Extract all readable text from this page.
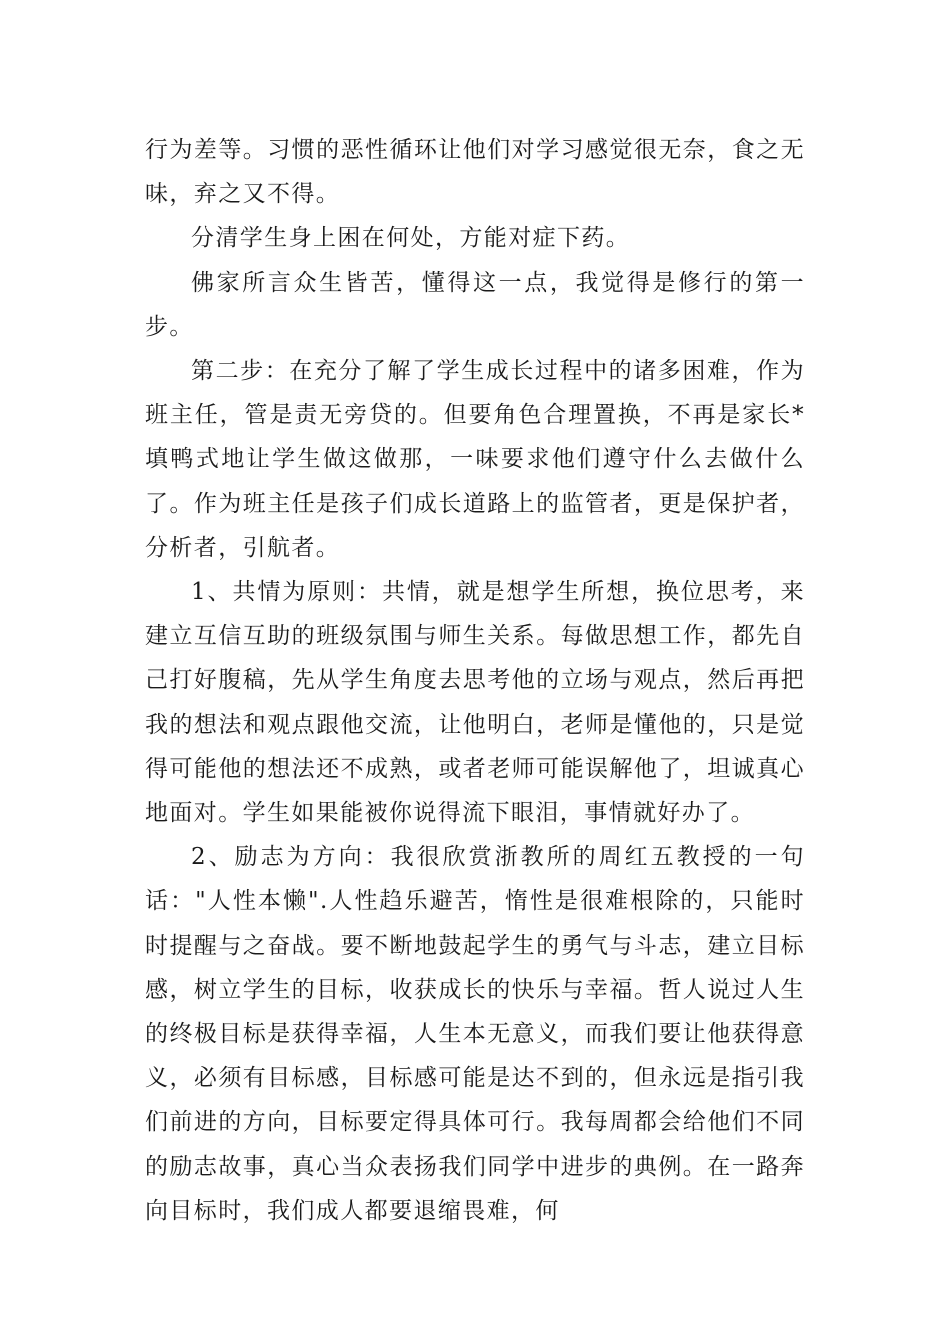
行为差等。习惯的恶性循环让他们对学习感觉很无奈，食之无味，弃之又不得。

分清学生身上困在何处，方能对症下药。

佛家所言众生皆苦，懂得这一点，我觉得是修行的第一步。

第二步：在充分了解了学生成长过程中的诸多困难，作为班主任，管是责无旁贷的。但要角色合理置换，不再是家长*填鸭式地让学生做这做那，一味要求他们遵守什么去做什么了。作为班主任是孩子们成长道路上的监管者，更是保护者，分析者，引航者。

1、共情为原则：共情，就是想学生所想，换位思考，来建立互信互助的班级氛围与师生关系。每做思想工作，都先自己打好腹稿，先从学生角度去思考他的立场与观点，然后再把我的想法和观点跟他交流，让他明白，老师是懂他的，只是觉得可能他的想法还不成熟，或者老师可能误解他了，坦诚真心地面对。学生如果能被你说得流下眼泪，事情就好办了。

2、励志为方向：我很欣赏浙教所的周红五教授的一句话："人性本懒".人性趋乐避苦，惰性是很难根除的，只能时时提醒与之奋战。要不断地鼓起学生的勇气与斗志，建立目标感，树立学生的目标，收获成长的快乐与幸福。哲人说过人生的终极目标是获得幸福，人生本无意义，而我们要让他获得意义，必须有目标感，目标感可能是达不到的，但永远是指引我们前进的方向，目标要定得具体可行。我每周都会给他们不同的励志故事，真心当众表扬我们同学中进步的典例。在一路奔向目标时，我们成人都要退缩畏难，何
